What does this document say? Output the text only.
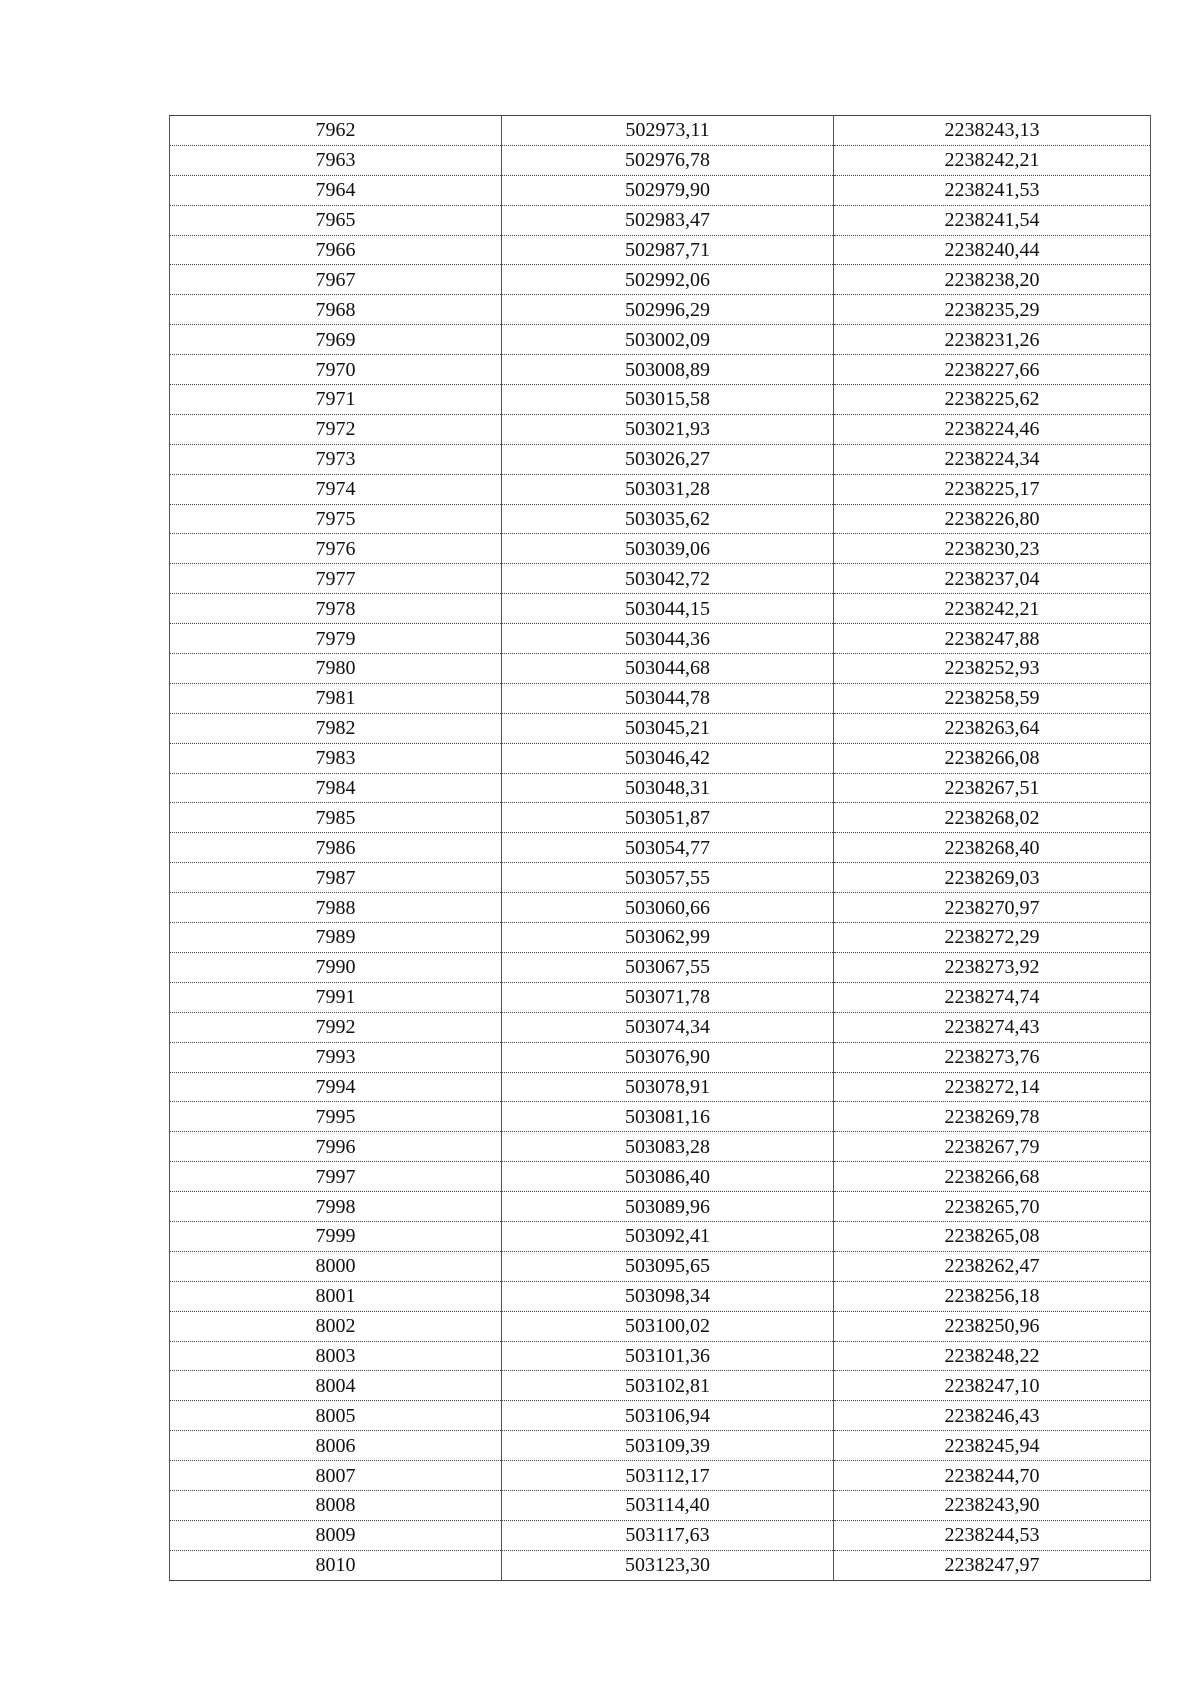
7962	502973,11	2238243,13
7963	502976,78	2238242,21
7964	502979,90	2238241,53
7965	502983,47	2238241,54
7966	502987,71	2238240,44
7967	502992,06	2238238,20
7968	502996,29	2238235,29
7969	503002,09	2238231,26
7970	503008,89	2238227,66
7971	503015,58	2238225,62
7972	503021,93	2238224,46
7973	503026,27	2238224,34
7974	503031,28	2238225,17
7975	503035,62	2238226,80
7976	503039,06	2238230,23
7977	503042,72	2238237,04
7978	503044,15	2238242,21
7979	503044,36	2238247,88
7980	503044,68	2238252,93
7981	503044,78	2238258,59
7982	503045,21	2238263,64
7983	503046,42	2238266,08
7984	503048,31	2238267,51
7985	503051,87	2238268,02
7986	503054,77	2238268,40
7987	503057,55	2238269,03
7988	503060,66	2238270,97
7989	503062,99	2238272,29
7990	503067,55	2238273,92
7991	503071,78	2238274,74
7992	503074,34	2238274,43
7993	503076,90	2238273,76
7994	503078,91	2238272,14
7995	503081,16	2238269,78
7996	503083,28	2238267,79
7997	503086,40	2238266,68
7998	503089,96	2238265,70
7999	503092,41	2238265,08
8000	503095,65	2238262,47
8001	503098,34	2238256,18
8002	503100,02	2238250,96
8003	503101,36	2238248,22
8004	503102,81	2238247,10
8005	503106,94	2238246,43
8006	503109,39	2238245,94
8007	503112,17	2238244,70
8008	503114,40	2238243,90
8009	503117,63	2238244,53
8010	503123,30	2238247,97
